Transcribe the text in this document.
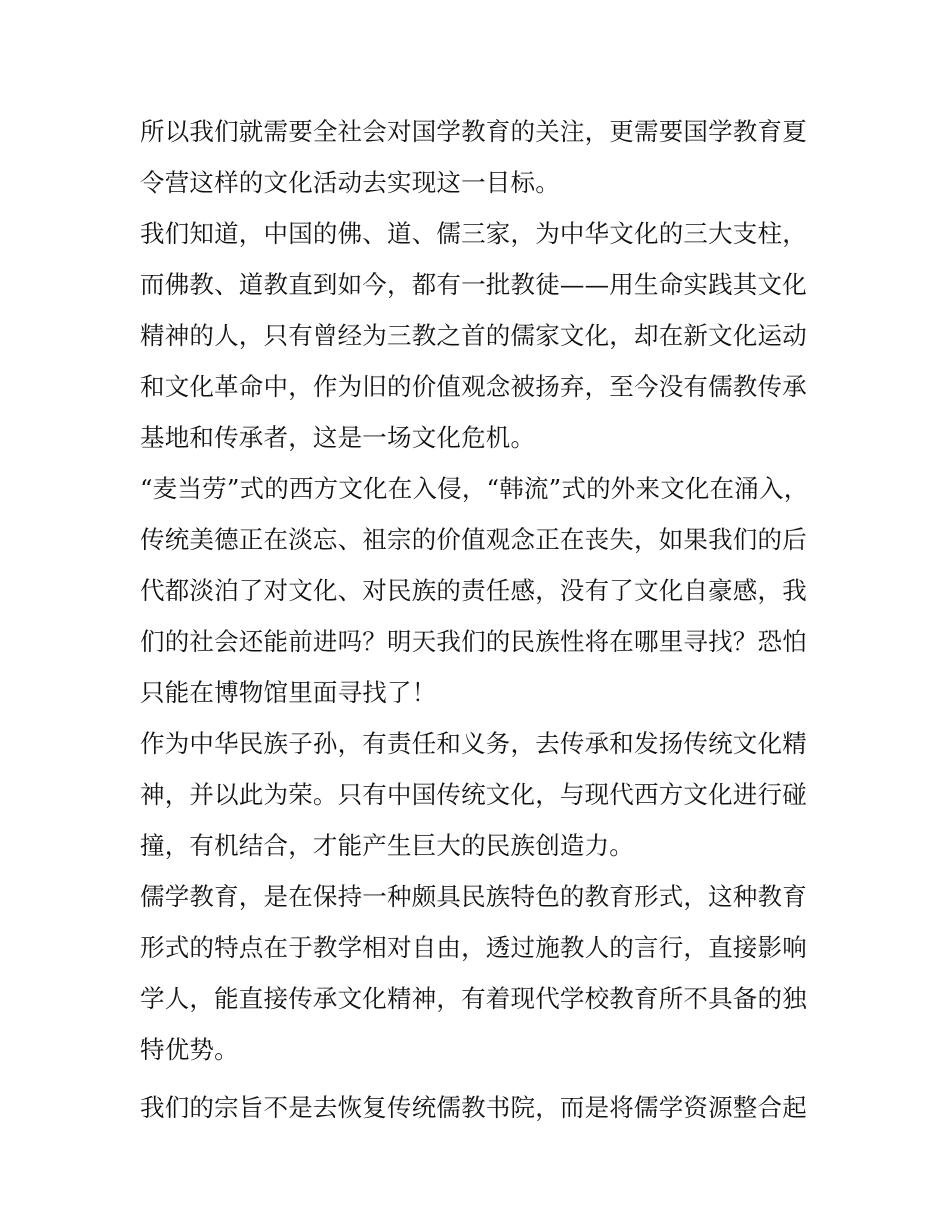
所以我们就需要全社会对国学教育的关注，更需要国学教育夏
令营这样的文化活动去实现这一目标。
我们知道，中国的佛、道、儒三家，为中华文化的三大支柱，
而佛教、道教直到如今，都有一批教徒——用生命实践其文化
精神的人，只有曾经为三教之首的儒家文化，却在新文化运动
和文化革命中，作为旧的价值观念被扬弃，至今没有儒教传承
基地和传承者，这是一场文化危机。
“麦当劳”式的西方文化在入侵，“韩流”式的外来文化在涌入，
传统美德正在淡忘、祖宗的价值观念正在丧失，如果我们的后
代都淡泊了对文化、对民族的责任感，没有了文化自豪感，我
们的社会还能前进吗？明天我们的民族性将在哪里寻找？恐怕
只能在博物馆里面寻找了！
作为中华民族子孙，有责任和义务，去传承和发扬传统文化精
神，并以此为荣。只有中国传统文化，与现代西方文化进行碰
撞，有机结合，才能产生巨大的民族创造力。
儒学教育，是在保持一种颇具民族特色的教育形式，这种教育
形式的特点在于教学相对自由，透过施教人的言行，直接影响
学人，能直接传承文化精神，有着现代学校教育所不具备的独
特优势。
我们的宗旨不是去恢复传统儒教书院，而是将儒学资源整合起
